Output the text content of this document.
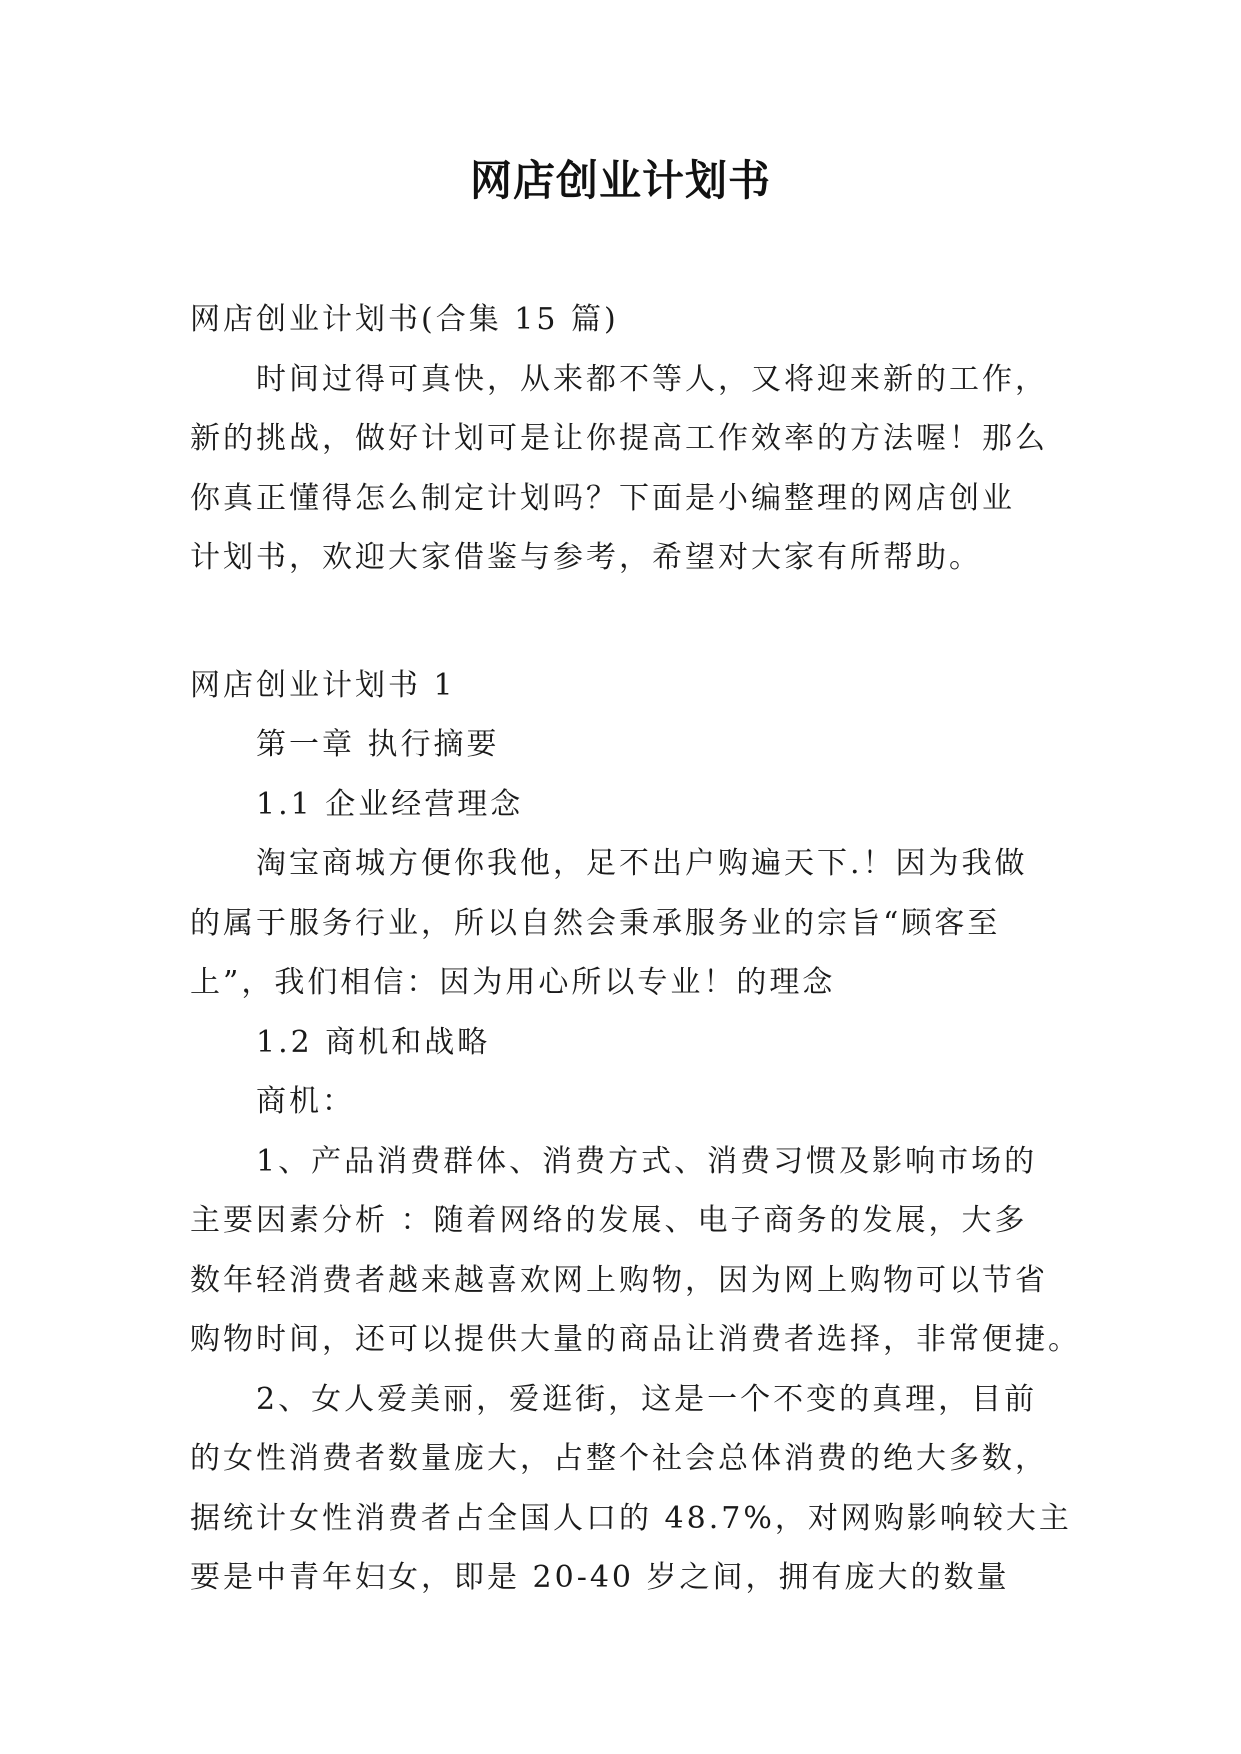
网店创业计划书

网店创业计划书(合集 15 篇)

时间过得可真快，从来都不等人，又将迎来新的工作，

新的挑战，做好计划可是让你提高工作效率的方法喔！那么

你真正懂得怎么制定计划吗？下面是小编整理的网店创业

计划书，欢迎大家借鉴与参考，希望对大家有所帮助。

网店创业计划书 1

第一章 执行摘要

1.1 企业经营理念

淘宝商城方便你我他，足不出户购遍天下.！因为我做

的属于服务行业，所以自然会秉承服务业的宗旨“顾客至

上”，我们相信：因为用心所以专业！的理念

1.2 商机和战略

商机：

1、产品消费群体、消费方式、消费习惯及影响市场的

主要因素分析 ：随着网络的发展、电子商务的发展，大多

数年轻消费者越来越喜欢网上购物，因为网上购物可以节省

购物时间，还可以提供大量的商品让消费者选择，非常便捷。

2、女人爱美丽，爱逛街，这是一个不变的真理，目前

的女性消费者数量庞大，占整个社会总体消费的绝大多数，

据统计女性消费者占全国人口的 48.7%，对网购影响较大主

要是中青年妇女，即是 20-40 岁之间，拥有庞大的数量
